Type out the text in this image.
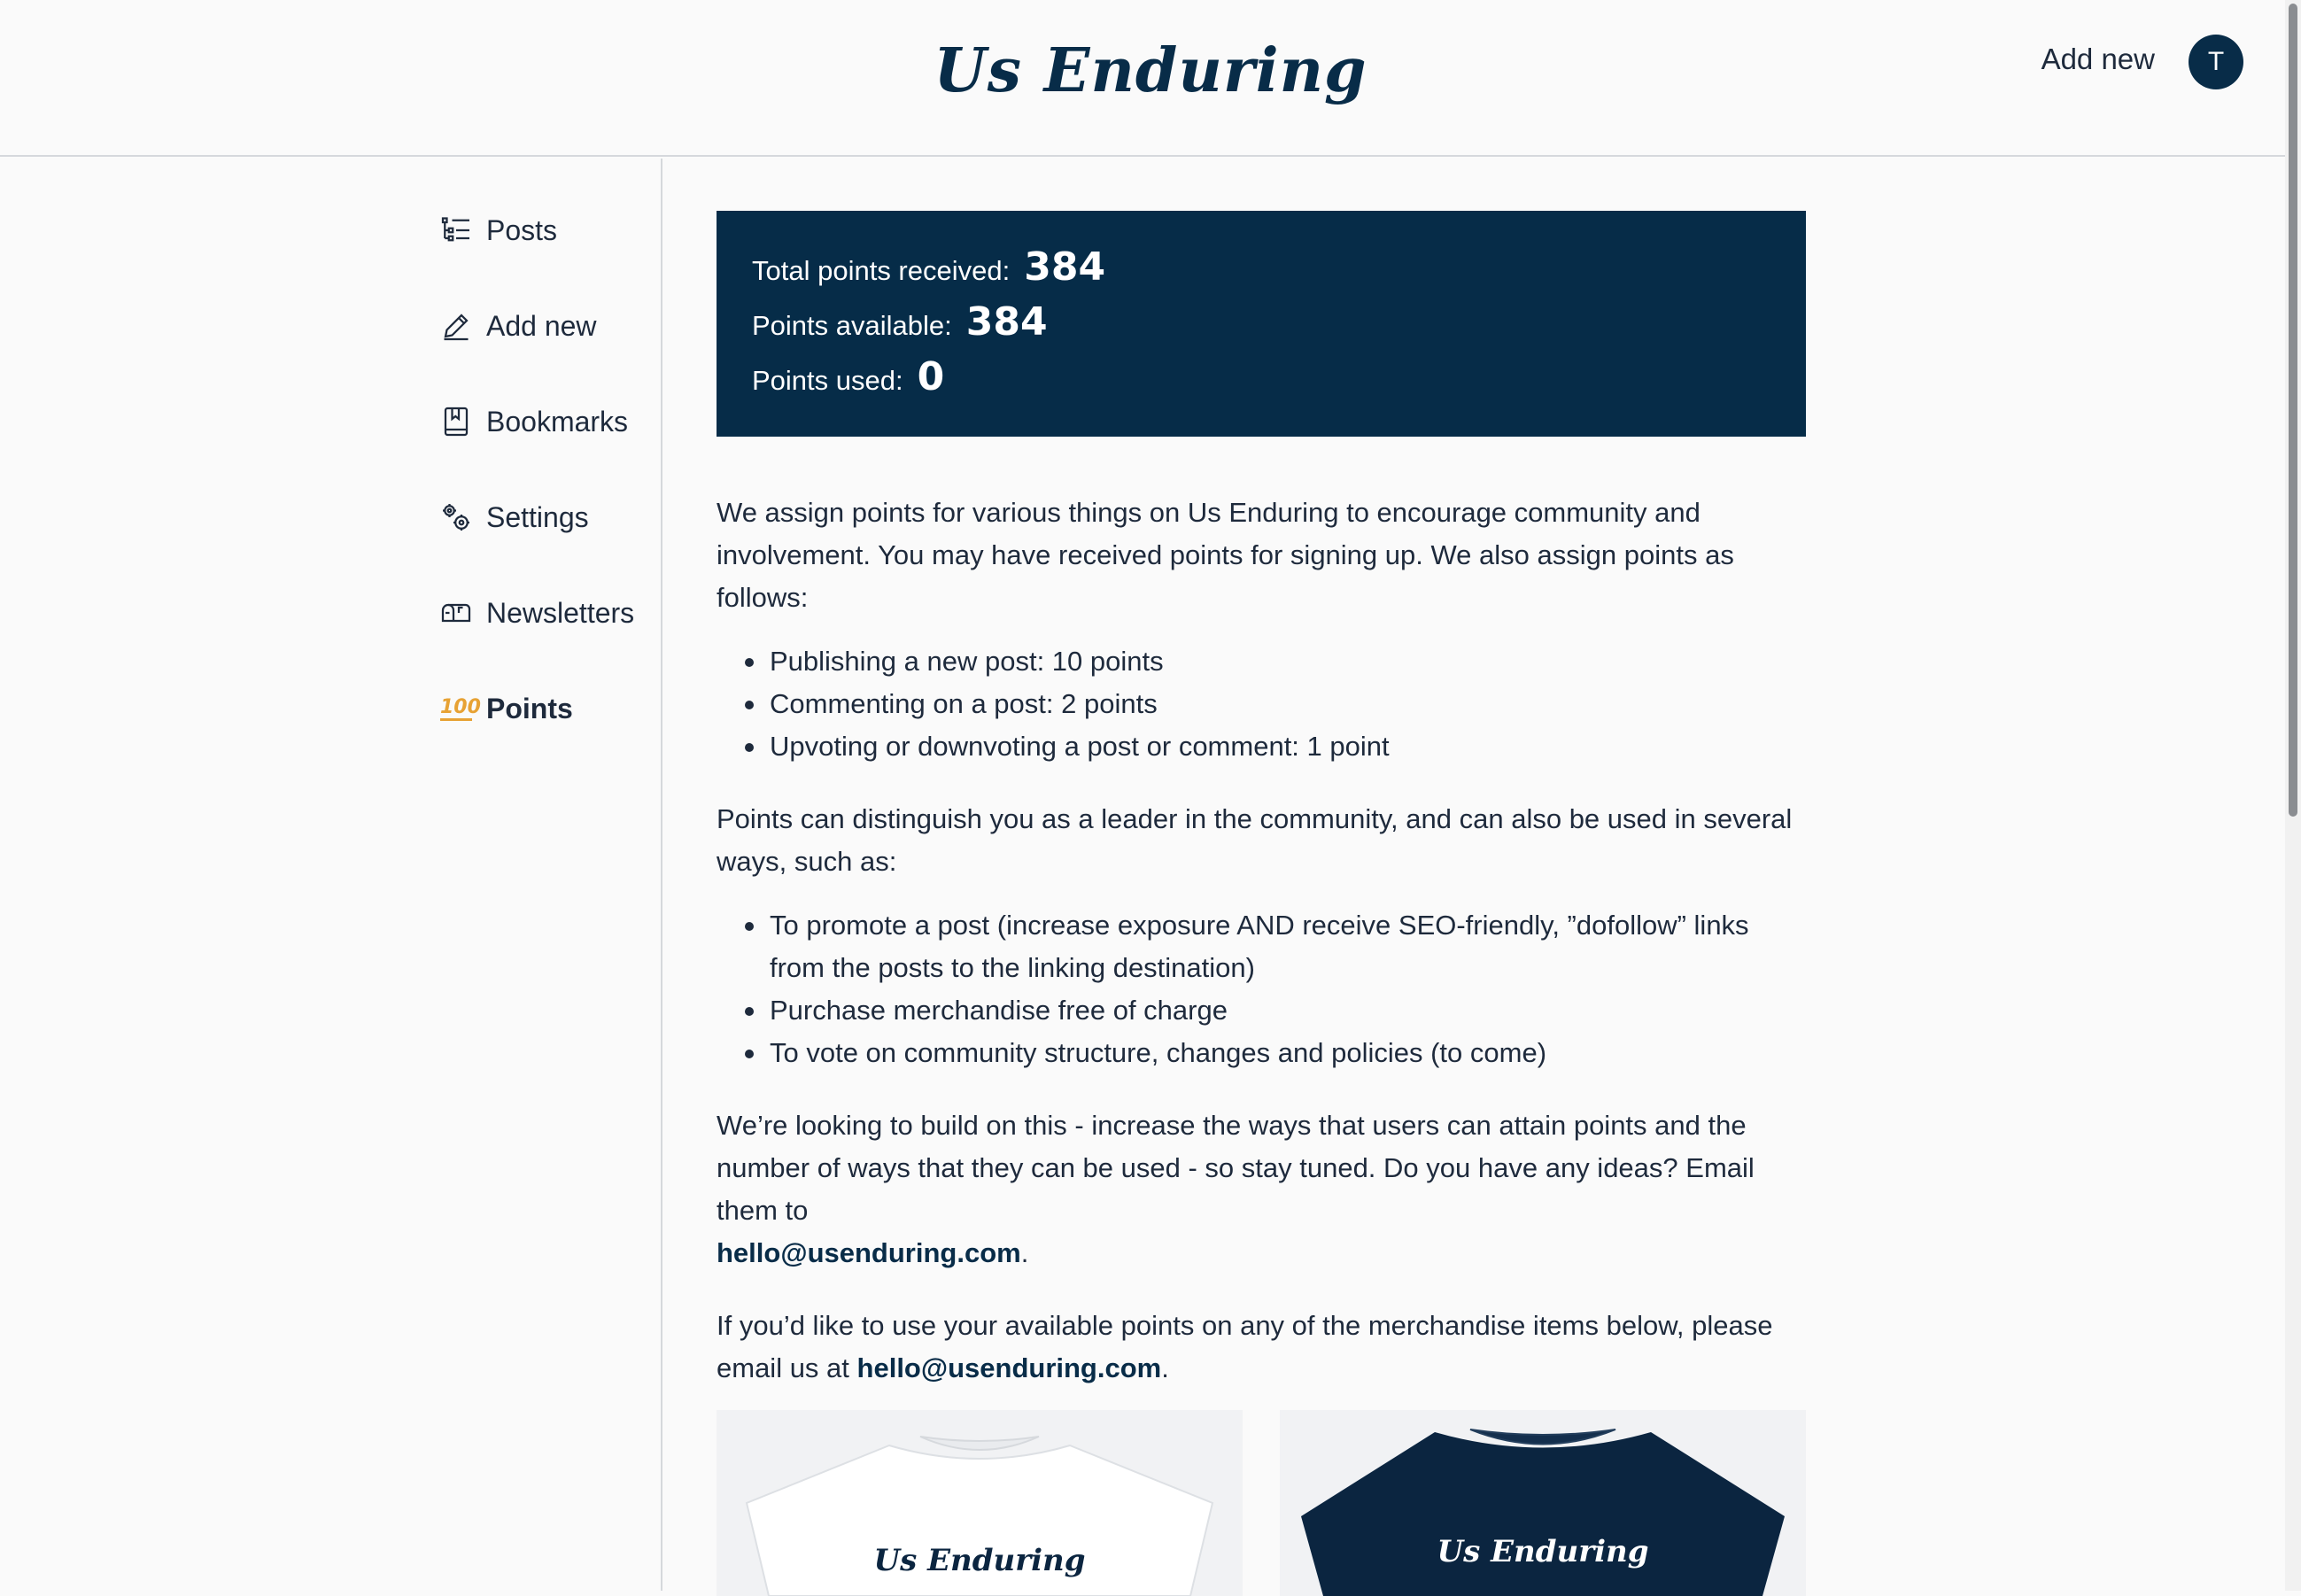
Us Enduring	Add new	T
Posts
Add new
Bookmarks
Settings
Newsletters
100 Points
Total points received: 384
Points available: 384
Points used: 0

We assign points for various things on Us Enduring to encourage community and involvement. You may have received points for signing up. We also assign points as follows:

Publishing a new post: 10 points
Commenting on a post: 2 points
Upvoting or downvoting a post or comment: 1 point

Points can distinguish you as a leader in the community, and can also be used in several ways, such as:

To promote a post (increase exposure AND receive SEO-friendly, ”dofollow” links from the posts to the linking destination)
Purchase merchandise free of charge
To vote on community structure, changes and policies (to come)

We’re looking to build on this - increase the ways that users can attain points and the number of ways that they can be used - so stay tuned. Do you have any ideas? Email them to
hello@usenduring.com.

If you’d like to use your available points on any of the merchandise items below, please email us at hello@usenduring.com.

Us Enduring	Us Enduring
